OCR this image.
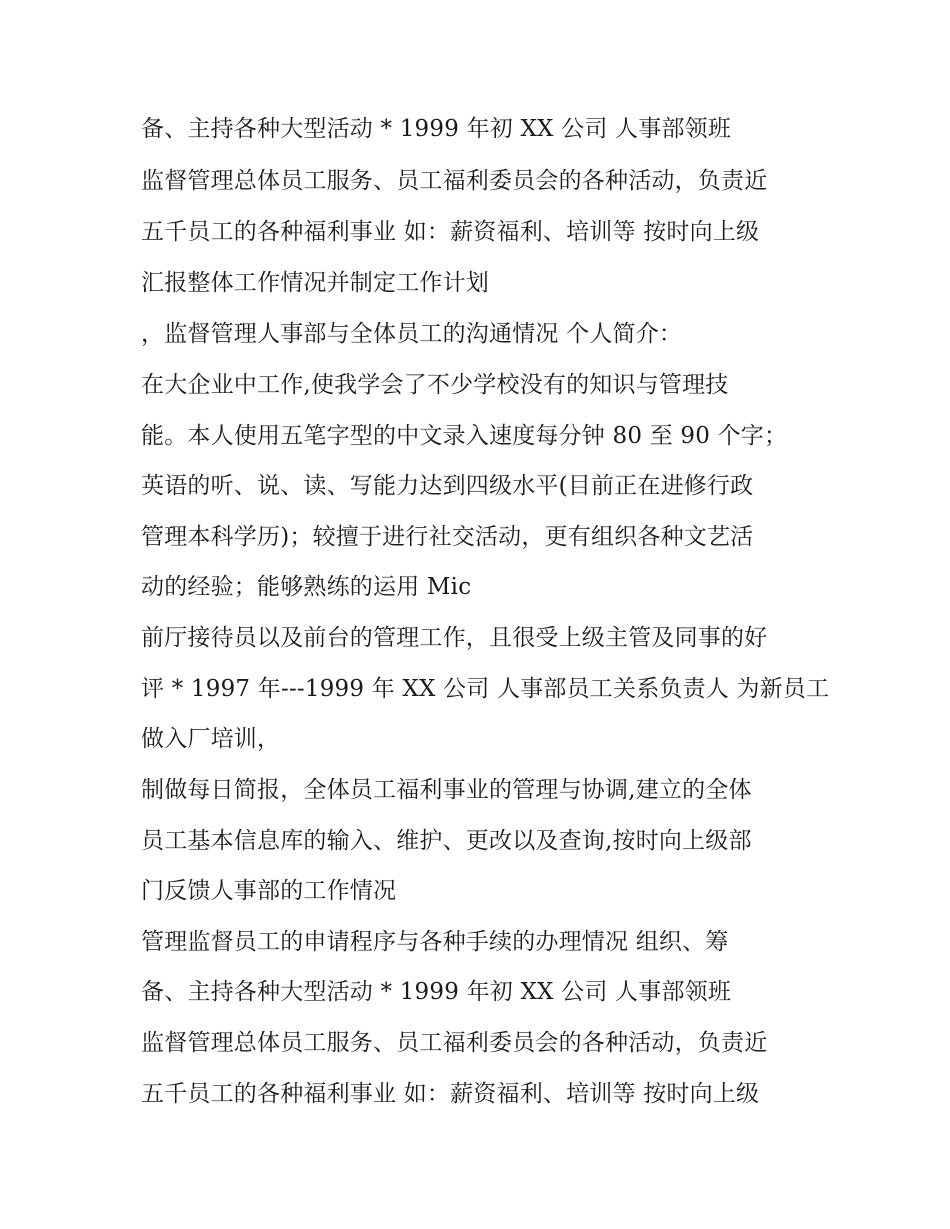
备、主持各种大型活动 * 1999 年初 XX 公司 人事部领班
监督管理总体员工服务、员工福利委员会的各种活动，负责近
五千员工的各种福利事业 如：薪资福利、培训等 按时向上级
汇报整体工作情况并制定工作计划
，监督管理人事部与全体员工的沟通情况 个人简介：
在大企业中工作,使我学会了不少学校没有的知识与管理技
能。本人使用五笔字型的中文录入速度每分钟 80 至 90 个字；
英语的听、说、读、写能力达到四级水平(目前正在进修行政
管理本科学历)；较擅于进行社交活动，更有组织各种文艺活
动的经验；能够熟练的运用 Mic
前厅接待员以及前台的管理工作，且很受上级主管及同事的好
评 * 1997 年---1999 年 XX 公司 人事部员工关系负责人 为新员工
做入厂培训，
制做每日简报，全体员工福利事业的管理与协调,建立的全体
员工基本信息库的输入、维护、更改以及查询,按时向上级部
门反馈人事部的工作情况
管理监督员工的申请程序与各种手续的办理情况 组织、筹
备、主持各种大型活动 * 1999 年初 XX 公司 人事部领班
监督管理总体员工服务、员工福利委员会的各种活动，负责近
五千员工的各种福利事业 如：薪资福利、培训等 按时向上级
